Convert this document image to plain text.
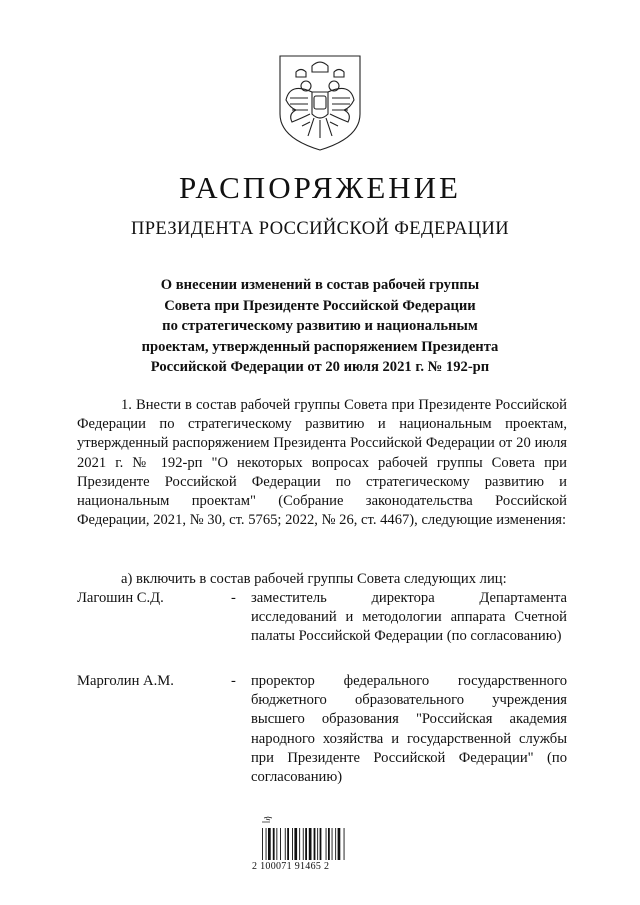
РАСПОРЯЖЕНИЕ
ПРЕЗИДЕНТА РОССИЙСКОЙ ФЕДЕРАЦИИ
О внесении изменений в состав рабочей группы
Совета при Президенте Российской Федерации
по стратегическому развитию и национальным
проектам, утвержденный распоряжением Президента
Российской Федерации от 20 июля 2021 г. № 192-рп

1. Внести в состав рабочей группы Совета при Президенте Российской Федерации по стратегическому развитию и национальным проектам, утвержденный распоряжением Президента Российской Федерации от 20 июля 2021 г. № 192-рп "О некоторых вопросах рабочей группы Совета при Президенте Российской Федерации по стратегическому развитию и национальным проектам" (Собрание законодательства Российской Федерации, 2021, № 30, ст. 5765; 2022, № 26, ст. 4467), следующие изменения:

а) включить в состав рабочей группы Совета следующих лиц:
Лагошин С.Д.	- заместитель директора Департамента исследований и методологии аппарата Счетной палаты Российской Федерации (по согласованию)
Марголин А.М.	- проректор федерального государственного бюджетного образовательного учреждения высшего образования "Российская академия народного хозяйства и государственной службы при Президенте Российской Федерации" (по согласованию)
2 100071 91465 2
